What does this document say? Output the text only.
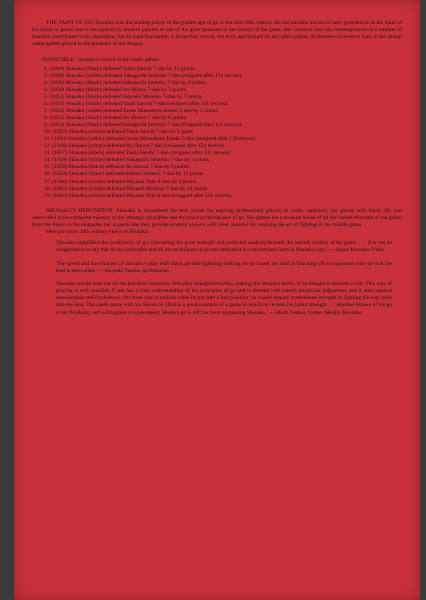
THE SAINT OF GO: Shusaku was the leading player of the golden age of go in the mid-19th century. He has become known to later generations as the Saint of Go (kisei or gosei) and is recognized by modern players as one of the great geniuses in the history of the game. His victories over his contemporaries in a number of matches contributed to his reputation, but its main foundation is his perfect record, not even approached by any other player, of nineteen successive wins in the annual castle games played in the presence of the shogun.

INVINCIBLE : Shusaku's record in the castle games

1. (1849) Shusaku (black) defeated Yasui Sanchi 7-dan by 11 points.
2. (1849) Shusaku (white) defeated Sakaguchi Sentoku 7-dan (resigned after 131 moves).
3. (1850) Shusaku (black) defeated Sakaguchi Sentoku 7-dan by 8 points.
4. (1850) Shusaku (black) defeated Ito Showa 7-dan by 3 points.
5. (1851) Shusaku (black) defeated Hayashi Monnyu 7-dan by 7 points.
6. (1851) Shusaku (black) defeated Yasui Sanchi 7-dan (resigned after 151 moves).
7. (1852) Shusaku (white) defeated Inoue Matsumoto Inseki 5-dan by 2 points.
8. (1852) Shusaku (black) defeated Ito Showa 7-dan by 6 points.
9. (1853) Shusaku (black) defeated Sakaguchi Sentoku 7-dan (resigned after 121 moves).
10. (1853) Shusaku (white) defeated Yasui Sanchi 7-dan by 1 point.
11. (1854) Shusaku (white) defeated Inoue Matsumoto Inseki 5-dan (resigned after 130 moves).
12. (1856) Shusaku (white) defeated Ito Showa 7-dan (resigned after 154 moves).
13. (1857) Shusaku (black) defeated Yasui Sanchi 7-dan (resigned after 141 moves).
14. (1858) Shusaku (white) defeated Sakaguchi Sentoku 7-dan by 3 points.
15. (1859) Shusaku (black) defeated Ito Showa 7-dan by 9 points.
16. (1859) Shusaku (black) defeated Hattori Seitetsu 7-dan by 13 points.
17. (1860) Shusaku (white) defeated Hayashi Yubi 6-dan by 4 points.
18. (1861) Shusaku (white) defeated Hayashi Monnyu 7-dan by 14 points.
19. (1861) Shusaku (white) defeated Hayashi Yubi 6-dan (resigned after 142 moves).

SHUSAKU'S REPUTATION: Shusaku is considered the best model for aspiring professional players to study, especially his games with black. He was unexcelled in his complete mastery of the strategic principles and the practical techniques of go. His games are a treasure house of all the varied elements of the game, from the fuseki to the endgame, but in particular they provide amateur players with ideal material for studying the art of fighting in the middle game.

Here are some 20th century views of Shusaku:

'Shusaku simplified the complexity of go, concealing his great strength and profound analysis beneath the smooth surface of his game. . . . It is not an exaggeration to say that all the principles and all the techniques of go are embodied in concentrated form in Shusaku's go.' — Segoe Kensaku 9-dan

'The speed and forcefulness of Shusaku's play with black are like lightning striking the go board; his skill at finishing off his opponent once he took the lead is unrivalled.' — Hayashi Yutaka, go historian

'Shusaku would read out all the possible variations, then play straightforwardly, making the simplest move, if he thought it ensured a win. This way of playing is only possible if one has a clear understanding of the principles of go and is blessed with superb positional judgement, and it also requires considerable self-confidence. On those rare occasions when he got into a bad position, he would display tremendous strength in fighting his way back into the lead. The castle game with Ito Showa in 1850 is a good example of a game in which he reveals his latent strength . . . Another feature of his go is his flexibility and willingness to experiment. Modern go is still far from surpassing Shusaku.' —Ishida Yoshio, former Meijin, Honinbo
